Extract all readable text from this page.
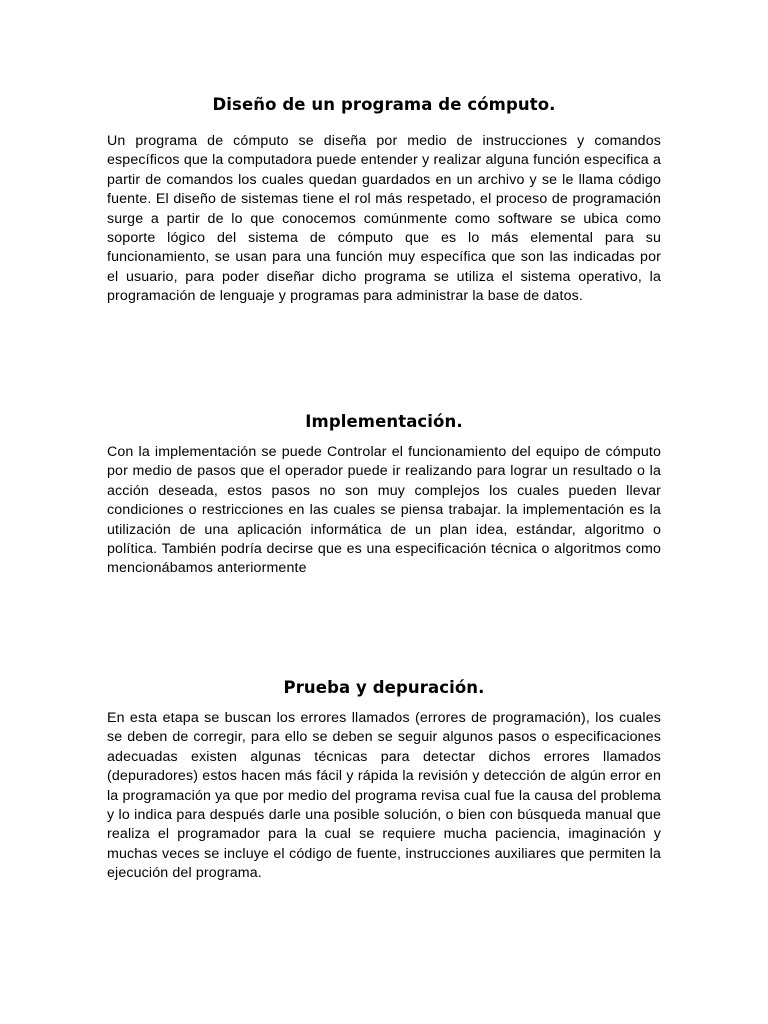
Diseño de un programa de cómputo.

Un programa de cómputo se diseña por medio de instrucciones y comandos específicos que la computadora puede entender y realizar alguna función especifica a partir de comandos los cuales quedan guardados en un archivo y se le llama código fuente. El diseño de sistemas tiene el rol más respetado, el proceso de programación surge a partir de lo que conocemos comúnmente como software se ubica como soporte lógico del sistema de cómputo que es lo más elemental para su funcionamiento, se usan para una función muy específica que son las indicadas por el usuario, para poder diseñar dicho programa se utiliza el sistema operativo, la programación de lenguaje y programas para administrar la base de datos.

Implementación.

Con la implementación se puede Controlar el funcionamiento del equipo de cómputo por medio de pasos que el operador puede ir realizando para lograr un resultado o la acción deseada, estos pasos no son muy complejos los cuales pueden llevar condiciones o restricciones en las cuales se piensa trabajar. la implementación es la utilización de una aplicación informática de un plan idea, estándar, algoritmo o política. También podría decirse que es una especificación técnica o algoritmos como mencionábamos anteriormente

Prueba y depuración.

En esta etapa se buscan los errores llamados (errores de programación), los cuales se deben de corregir, para ello se deben se seguir algunos pasos o especificaciones adecuadas existen algunas técnicas para detectar dichos errores llamados (depuradores) estos hacen más fácil y rápida la revisión y detección de algún error en la programación ya que por medio del programa revisa cual fue la causa del problema y lo indica para después darle una posible solución, o bien con búsqueda manual que realiza el programador para la cual se requiere mucha paciencia, imaginación y muchas veces se incluye el código de fuente, instrucciones auxiliares que permiten la ejecución del programa.
